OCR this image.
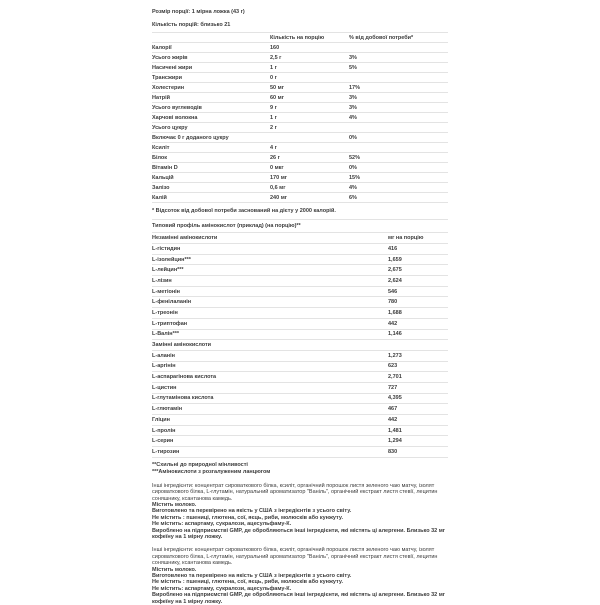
Розмір порції: 1 мірна ложка (43 г)
Кількість порцій: близько 21
Кількість на порцію	% від добової потреби*
Калорії	160
Усього жирів	2,5 г	3%
Насичені жири	1 г	5%
Трансжири	0 г
Холестерин	50 мг	17%
Натрій	60 мг	3%
Усього вуглеводів	9 г	3%
Харчові волокна	1 г	4%
Усього цукру	2 г
Включає 0 г доданого цукру	0%
Ксиліт	4 г
Білок	26 г	52%
Вітамін D	0 мкг	0%
Кальцій	170 мг	15%
Залізо	0,6 мг	4%
Калій	240 мг	6%
* Відсоток від добової потреби заснований на дієту у 2000 калорій.
Типовий профіль амінокислот (приклад) (на порцію)**
Незамінні амінокислоти	мг на порцію
L-гістидин	416
L-ізолейцин***	1,659
L-лейцин***	2,675
L-лізин	2,624
L-метіонін	546
L-фенілаланін	780
L-треонін	1,688
L-триптофан	442
L-Валін***	1,146
Замінні амінокислоти
L-аланін	1,273
L-аргінін	623
L-аспарагінова кислота	2,701
L-цистин	727
L-глутамінова кислота	4,395
L-глютамін	467
Гліцин	442
L-пролін	1,481
L-серин	1,294
L-тирозин	830
**Схильні до природної мінливості
***Амінокислоти з розгалуженим ланцюгом
Інші інгредієнти: концентрат сироваткового білка, ксиліт, органічний порошок листя зеленого чаю матчу, ізолят сироваткового білка, L-глутамін, натуральний ароматизатор "Ваніль", органічний екстракт листя стевії, лецитин соняшнику, ксантанова камедь.
Містить молоко.
Виготовлено та перевірено на якість у США з інгредієнтів з усього світу.
Не містить : пшениці, глютена, сої, яєць, риби, молюсків або кунжуту.
Не містить: аспартаму, сукралози, ацесульфаму-К.
Вироблено на підприємстві GMP, де обробляються інші інгредієнти, які містять ці алергени. Близько 32 мг кофеїну на 1 мірну ложку.
Інші інгредієнти: концентрат сироваткового білка, ксиліт, органічний порошок листя зеленого чаю матчу, ізолят сироваткового білка, L-глутамін, натуральний ароматизатор "Ваніль", органічний екстракт листя стевії, лецитин соняшнику, ксантанова камедь.
Містить молоко.
Виготовлено та перевірено на якість у США з інгредієнтів з усього світу.
Не містить : пшениці, глютена, сої, яєць, риби, молюсків або кунжуту.
Не містить: аспартаму, сукралози, ацесульфаму-К.
Вироблено на підприємстві GMP, де обробляються інші інгредієнти, які містять ці алергени. Близько 32 мг кофеїну на 1 мірну ложку.
